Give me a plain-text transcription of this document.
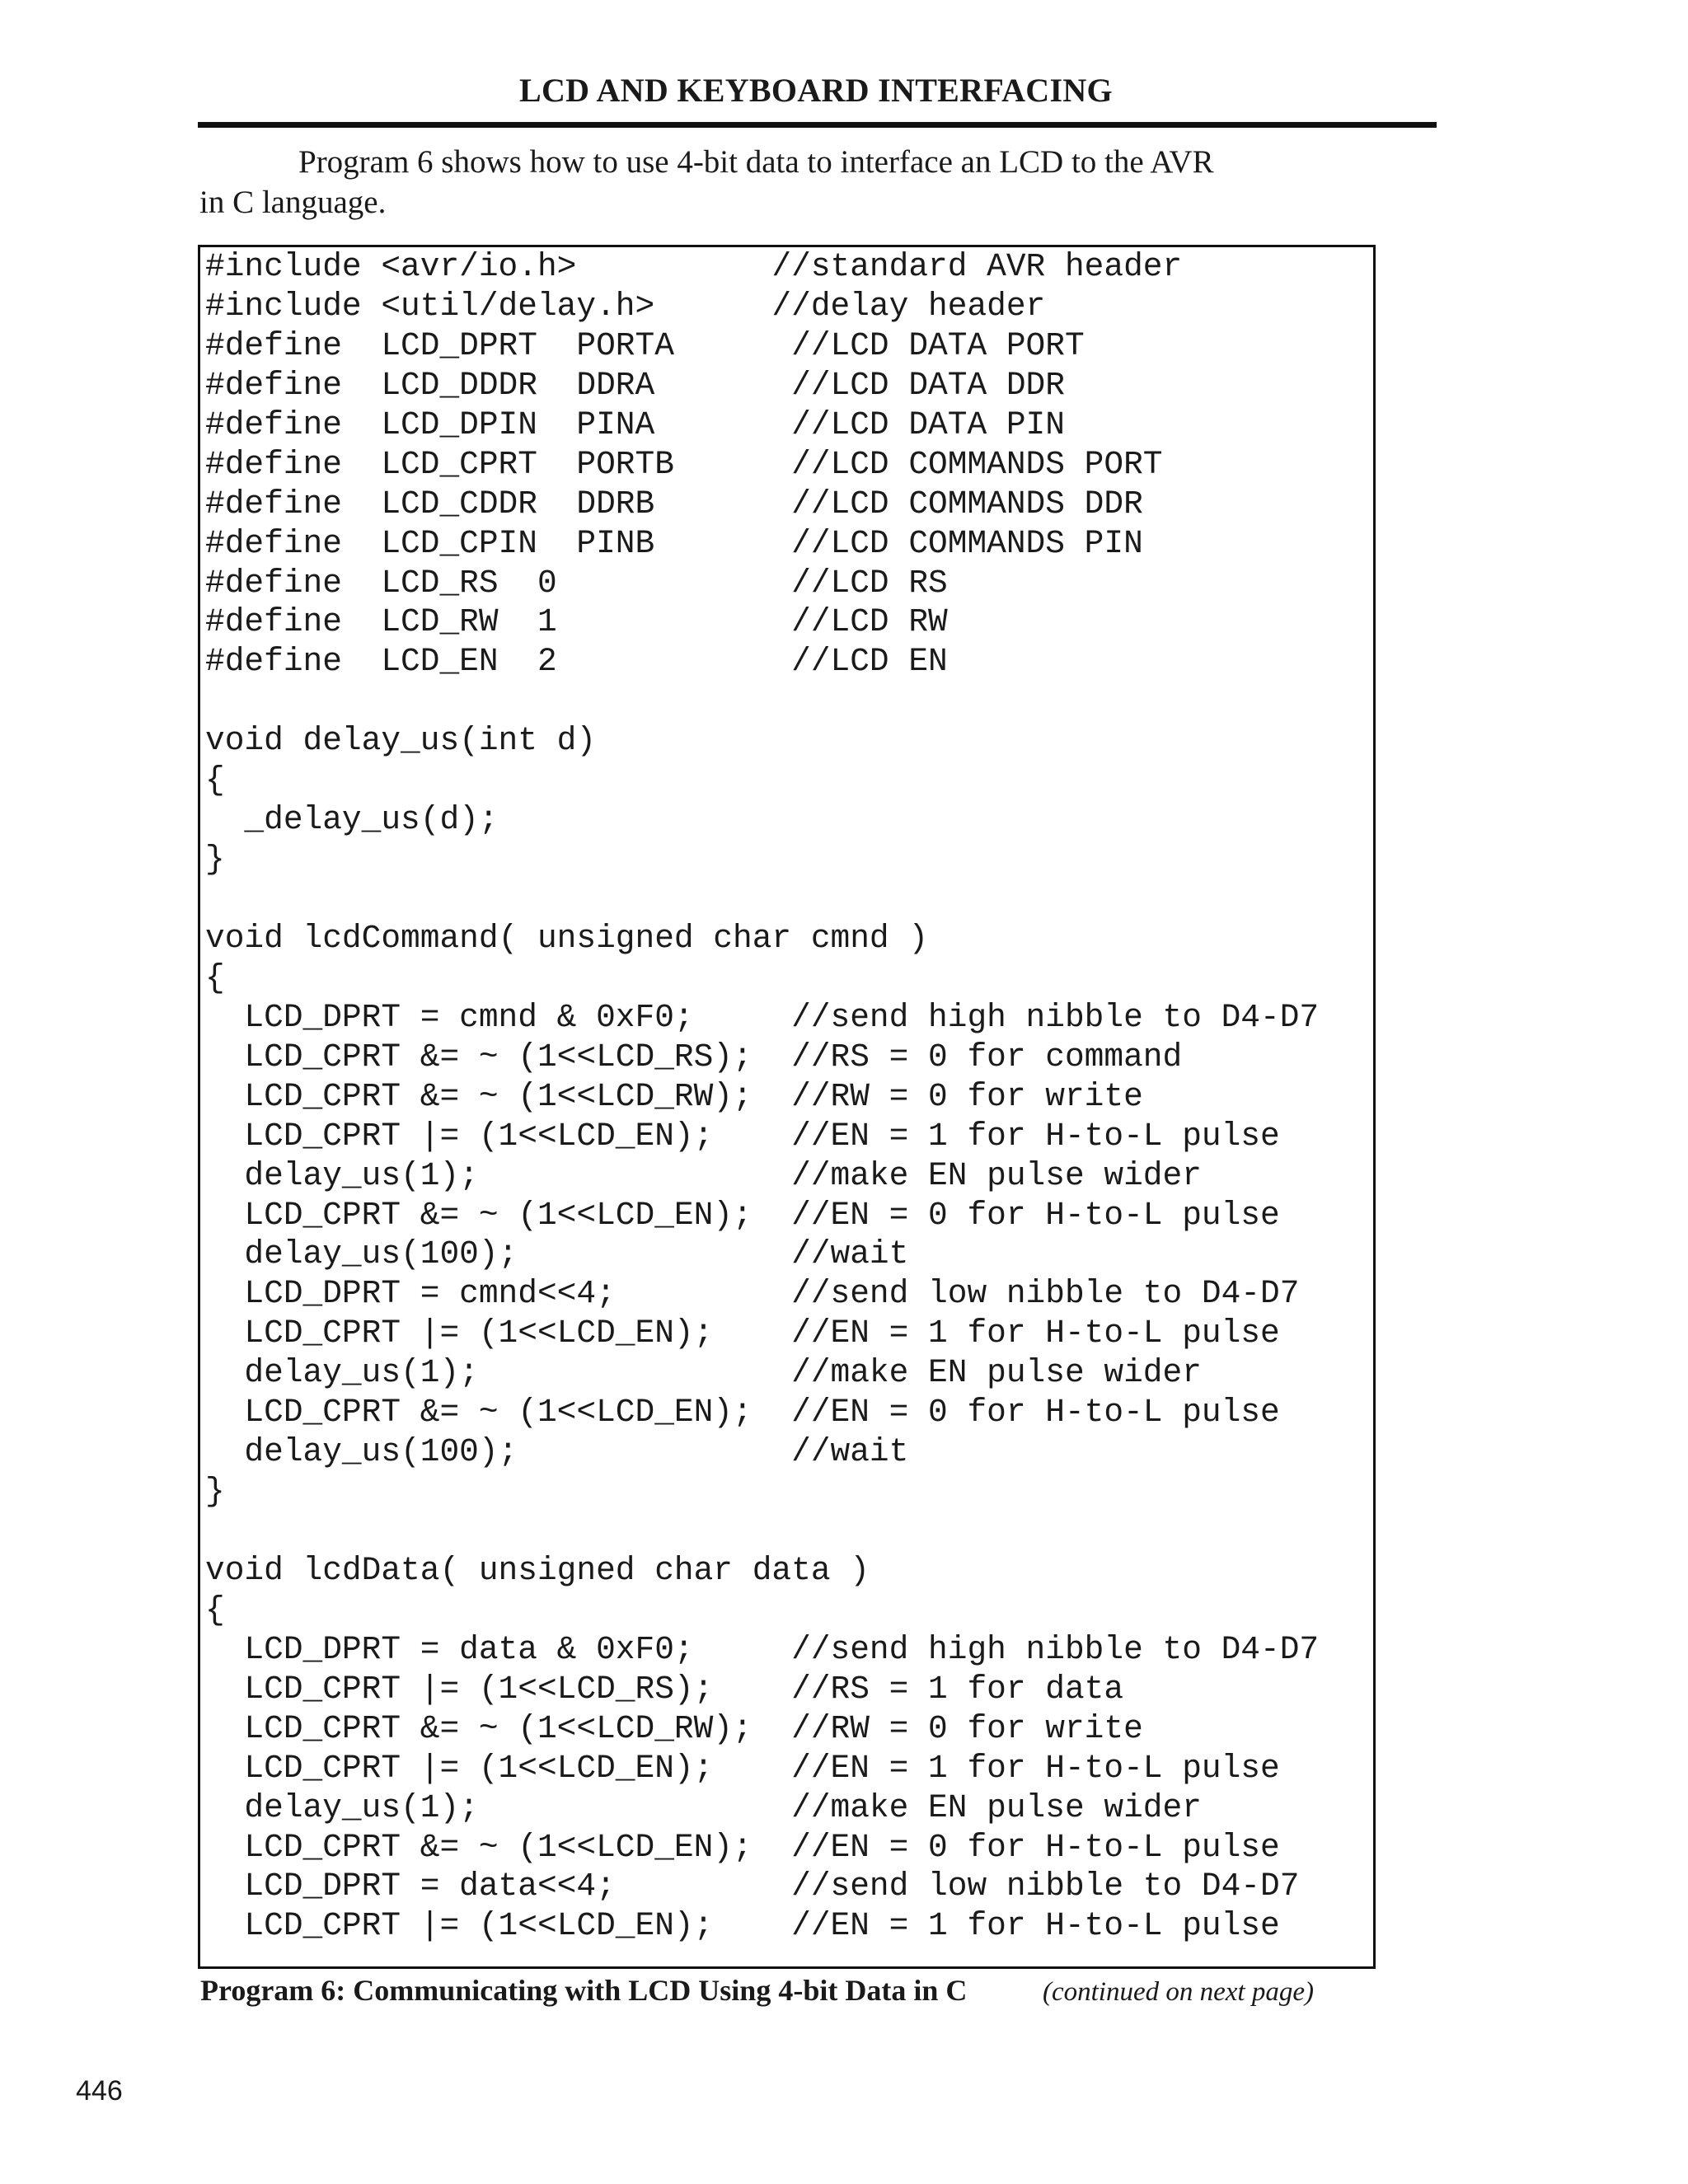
LCD AND KEYBOARD INTERFACING
Program 6 shows how to use 4-bit data to interface an LCD to the AVR
in C language.
#include <avr/io.h>          //standard AVR header
#include <util/delay.h>      //delay header
#define  LCD_DPRT  PORTA      //LCD DATA PORT
#define  LCD_DDDR  DDRA       //LCD DATA DDR
#define  LCD_DPIN  PINA       //LCD DATA PIN
#define  LCD_CPRT  PORTB      //LCD COMMANDS PORT
#define  LCD_CDDR  DDRB       //LCD COMMANDS DDR
#define  LCD_CPIN  PINB       //LCD COMMANDS PIN
#define  LCD_RS  0            //LCD RS
#define  LCD_RW  1            //LCD RW
#define  LCD_EN  2            //LCD EN
void delay_us(int d)
{
_delay_us(d);
}
void lcdCommand( unsigned char cmnd )
{
LCD_DPRT = cmnd & 0xF0;     //send high nibble to D4-D7
LCD_CPRT &= ~ (1<<LCD_RS);  //RS = 0 for command
LCD_CPRT &= ~ (1<<LCD_RW);  //RW = 0 for write
LCD_CPRT |= (1<<LCD_EN);    //EN = 1 for H-to-L pulse
delay_us(1);                //make EN pulse wider
LCD_CPRT &= ~ (1<<LCD_EN);  //EN = 0 for H-to-L pulse
delay_us(100);              //wait
LCD_DPRT = cmnd<<4;         //send low nibble to D4-D7
LCD_CPRT |= (1<<LCD_EN);    //EN = 1 for H-to-L pulse
delay_us(1);                //make EN pulse wider
LCD_CPRT &= ~ (1<<LCD_EN);  //EN = 0 for H-to-L pulse
delay_us(100);              //wait
}
void lcdData( unsigned char data )
{
LCD_DPRT = data & 0xF0;     //send high nibble to D4-D7
LCD_CPRT |= (1<<LCD_RS);    //RS = 1 for data
LCD_CPRT &= ~ (1<<LCD_RW);  //RW = 0 for write
LCD_CPRT |= (1<<LCD_EN);    //EN = 1 for H-to-L pulse
delay_us(1);                //make EN pulse wider
LCD_CPRT &= ~ (1<<LCD_EN);  //EN = 0 for H-to-L pulse
LCD_DPRT = data<<4;         //send low nibble to D4-D7
LCD_CPRT |= (1<<LCD_EN);    //EN = 1 for H-to-L pulse
Program 6: Communicating with LCD Using 4-bit Data in C	(continued on next page)
446
